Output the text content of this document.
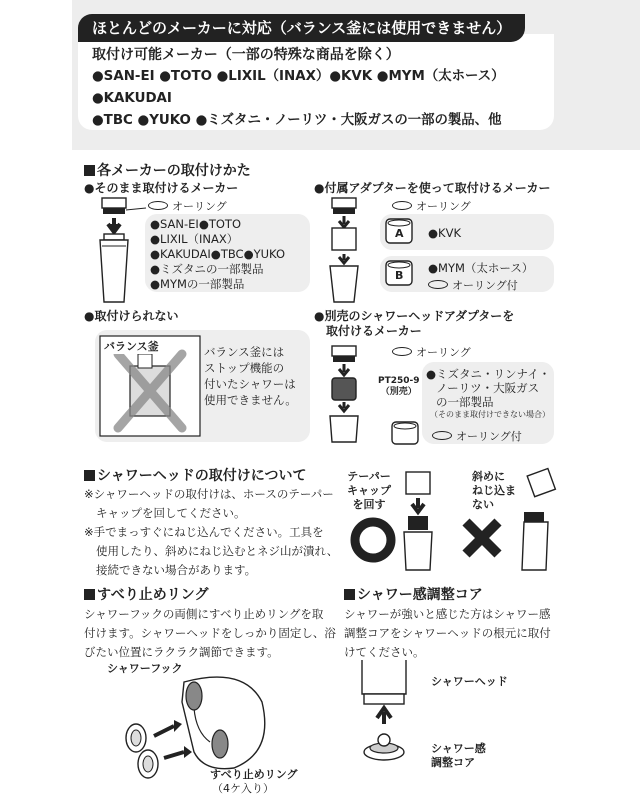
ほとんどのメーカーに対応（バランス釜には使用できません）
取付け可能メーカー（一部の特殊な商品を除く）
●SAN-EI ●TOTO ●LIXIL（INAX）●KVK ●MYM（太ホース）●KAKUDAI
●TBC ●YUKO ●ミズタニ・ノーリツ・大阪ガスの一部の製品、他
各メーカーの取付けかた
●そのまま取付けるメーカー
オーリング
●SAN-EI●TOTO
●LIXIL（INAX）
●KAKUDAI●TBC●YUKO
●ミズタニの一部製品
●MYMの一部製品
●付属アダプターを使って取付けるメーカー
オーリング
A ●KVK
B
●MYM（太ホース）
オーリング付
●取付けられない
バランス釜	バランス釜には
ストップ機能の
付いたシャワーは
使用できません。
●別売のシャワーヘッドアダプターを
取付けるメーカー
オーリング
PT250-9
（別売）
●ミズタニ・リンナイ・
ノーリツ・大阪ガス
の一部製品
（そのまま取付けできない場合）
オーリング付
シャワーヘッドの取付けについて
※シャワーヘッドの取付けは、ホースのテーパー
キャップを回してください。
※手でまっすぐにねじ込んでください。工具を
使用したり、斜めにねじ込むとネジ山が潰れ、
接続できない場合があります。
テーパー
キャップ
を回す
斜めに
ねじ込ま
ない
すべり止めリング
シャワーフックの両側にすべり止めリングを取
付けます。シャワーヘッドをしっかり固定し、浴
びたい位置にラクラク調節できます。
シャワーフック
すべり止めリング
（4ケ入り）
シャワー感調整コア
シャワーが強いと感じた方はシャワー感
調整コアをシャワーヘッドの根元に取付
けてください。
シャワーヘッド
シャワー感
調整コア
